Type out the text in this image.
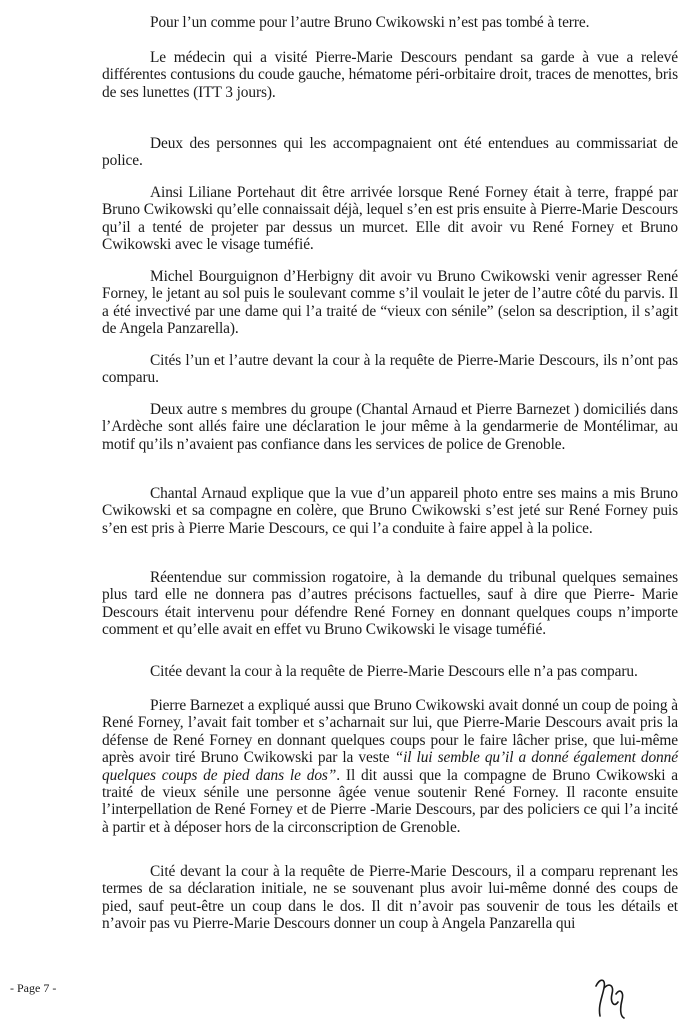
Pour l’un comme pour l’autre Bruno Cwikowski n’est pas tombé à terre.

Le médecin qui a visité Pierre-Marie Descours pendant sa garde à vue a relevé différentes contusions du coude gauche, hématome péri-orbitaire droit, traces de menottes, bris de ses lunettes (ITT 3 jours).

Deux des personnes qui les accompagnaient ont été entendues au commissariat de police.

Ainsi Liliane Portehaut dit être arrivée lorsque René Forney était à terre, frappé par Bruno Cwikowski qu’elle connaissait déjà, lequel s’en est pris ensuite à Pierre-Marie Descours qu’il a tenté de projeter par dessus un murcet. Elle dit avoir vu René Forney et Bruno Cwikowski avec le visage tuméfié.

Michel Bourguignon d’Herbigny dit avoir vu Bruno Cwikowski venir agresser René Forney, le jetant au sol puis le soulevant comme s’il voulait le jeter de l’autre côté du parvis. Il a été invectivé par une dame qui l’a traité de “vieux con sénile” (selon sa description, il s’agit de Angela Panzarella).

Cités l’un et l’autre devant la cour à la requête de Pierre-Marie Descours, ils n’ont pas comparu.

Deux autre s membres du groupe (Chantal Arnaud et Pierre Barnezet ) domiciliés dans l’Ardèche sont allés faire une déclaration le jour même à la gendarmerie de Montélimar, au motif qu’ils n’avaient pas confiance dans les services de police de Grenoble.

Chantal Arnaud explique que la vue d’un appareil photo entre ses mains a mis Bruno Cwikowski et sa compagne en colère, que Bruno Cwikowski s’est jeté sur René Forney puis s’en est pris à Pierre Marie Descours, ce qui l’a conduite à faire appel à la police.

Réentendue sur commission rogatoire, à la demande du tribunal quelques semaines plus tard elle ne donnera pas d’autres précisons factuelles, sauf à dire que Pierre- Marie Descours était intervenu pour défendre René Forney en donnant quelques coups n’importe comment et qu’elle avait en effet vu Bruno Cwikowski le visage tuméfié.

Citée devant la cour à la requête de Pierre-Marie Descours elle n’a pas comparu.

Pierre Barnezet a expliqué aussi que Bruno Cwikowski avait donné un coup de poing à René Forney, l’avait fait tomber et s’acharnait sur lui, que Pierre-Marie Descours avait pris la défense de René Forney en donnant quelques coups pour le faire lâcher prise, que lui-même après avoir tiré Bruno Cwikowski par la veste “il lui semble qu’il a donné également donné quelques coups de pied dans le dos”. Il dit aussi que la compagne de Bruno Cwikowski a traité de vieux sénile une personne âgée venue soutenir René Forney. Il raconte ensuite l’interpellation de René Forney et de Pierre -Marie Descours, par des policiers ce qui l’a incité à partir et à déposer hors de la circonscription de Grenoble.

Cité devant la cour à la requête de Pierre-Marie Descours, il a comparu reprenant les termes de sa déclaration initiale, ne se souvenant plus avoir lui-même donné des coups de pied, sauf peut-être un coup dans le dos. Il dit n’avoir pas souvenir de tous les détails et n’avoir pas vu Pierre-Marie Descours donner un coup à Angela Panzarella qui

- Page 7 -
